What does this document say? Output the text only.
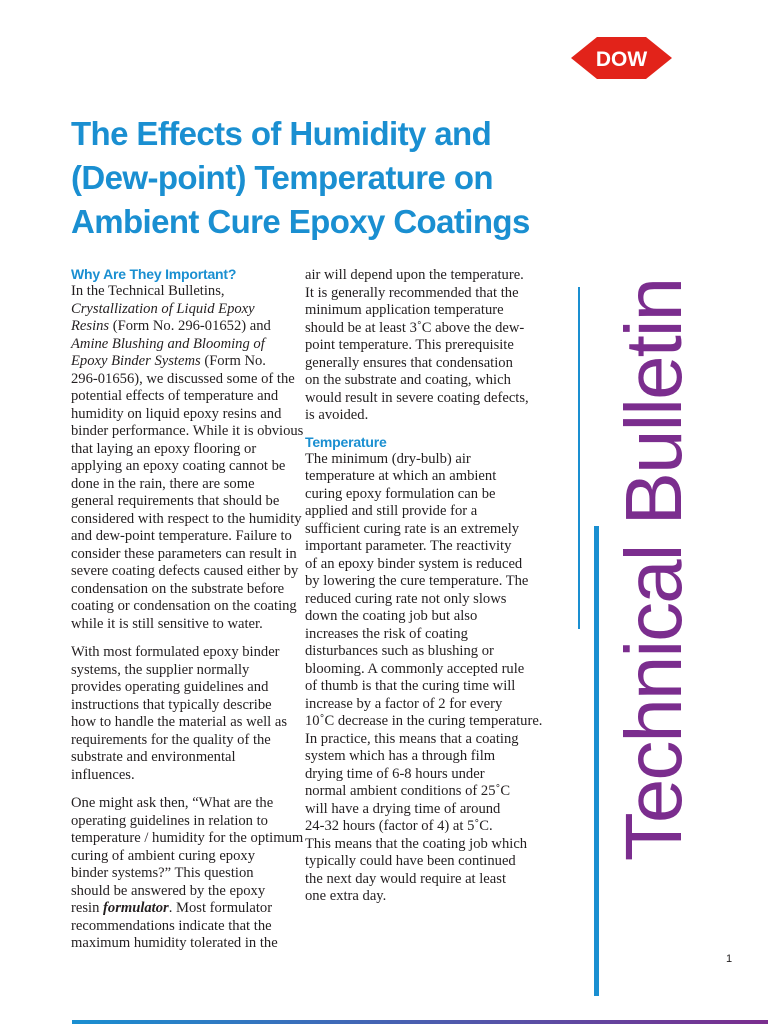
DOW
®
The Effects of Humidity and
(Dew-point) Temperature on
Ambient Cure Epoxy Coatings
Why Are They Important?

In the Technical Bulletins,
Crystallization of Liquid Epoxy
Resins (Form No. 296-01652) and
Amine Blushing and Blooming of
Epoxy Binder Systems (Form No.
296-01656), we discussed some of the
potential effects of temperature and
humidity on liquid epoxy resins and
binder performance. While it is obvious
that laying an epoxy flooring or
applying an epoxy coating cannot be
done in the rain, there are some
general requirements that should be
considered with respect to the humidity
and dew-point temperature. Failure to
consider these parameters can result in
severe coating defects caused either by
condensation on the substrate before
coating or condensation on the coating
while it is still sensitive to water.

With most formulated epoxy binder
systems, the supplier normally
provides operating guidelines and
instructions that typically describe
how to handle the material as well as
requirements for the quality of the
substrate and environmental
influences.

One might ask then, “What are the
operating guidelines in relation to
temperature / humidity for the optimum
curing of ambient curing epoxy
binder systems?” This question
should be answered by the epoxy
resin formulator. Most formulator
recommendations indicate that the
maximum humidity tolerated in the

air will depend upon the temperature.
It is generally recommended that the
minimum application temperature
should be at least 3˚C above the dew-
point temperature. This prerequisite
generally ensures that condensation
on the substrate and coating, which
would result in severe coating defects,
is avoided.

Temperature

The minimum (dry-bulb) air
temperature at which an ambient
curing epoxy formulation can be
applied and still provide for a
sufficient curing rate is an extremely
important parameter. The reactivity
of an epoxy binder system is reduced
by lowering the cure temperature. The
reduced curing rate not only slows
down the coating job but also
increases the risk of coating
disturbances such as blushing or
blooming. A commonly accepted rule
of thumb is that the curing time will
increase by a factor of 2 for every
10˚C decrease in the curing temperature.
In practice, this means that a coating
system which has a through film
drying time of 6-8 hours under
normal ambient conditions of 25˚C
will have a drying time of around
24-32 hours (factor of 4) at 5˚C.
This means that the coating job which
typically could have been continued
the next day would require at least
one extra day.

Technical Bulletin
1
